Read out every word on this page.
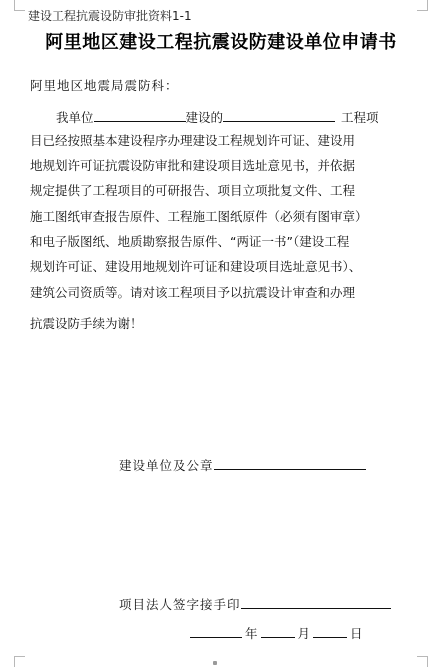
建设工程抗震设防审批资料1-1
阿里地区建设工程抗震设防建设单位申请书
阿里地区地震局震防科：
我单位	建设的	工程项
目已经按照基本建设程序办理建设工程规划许可证、建设用
地规划许可证抗震设防审批和建设项目选址意见书，并依据
规定提供了工程项目的可研报告、项目立项批复文件、工程
施工图纸审查报告原件、工程施工图纸原件（必须有图审章）
和电子版图纸、地质勘察报告原件、“两证一书”（建设工程
规划许可证、建设用地规划许可证和建设项目选址意见书）、
建筑公司资质等。请对该工程项目予以抗震设计审查和办理
抗震设防手续为谢！
建设单位及公章
项目法人签字接手印
年	月	日
